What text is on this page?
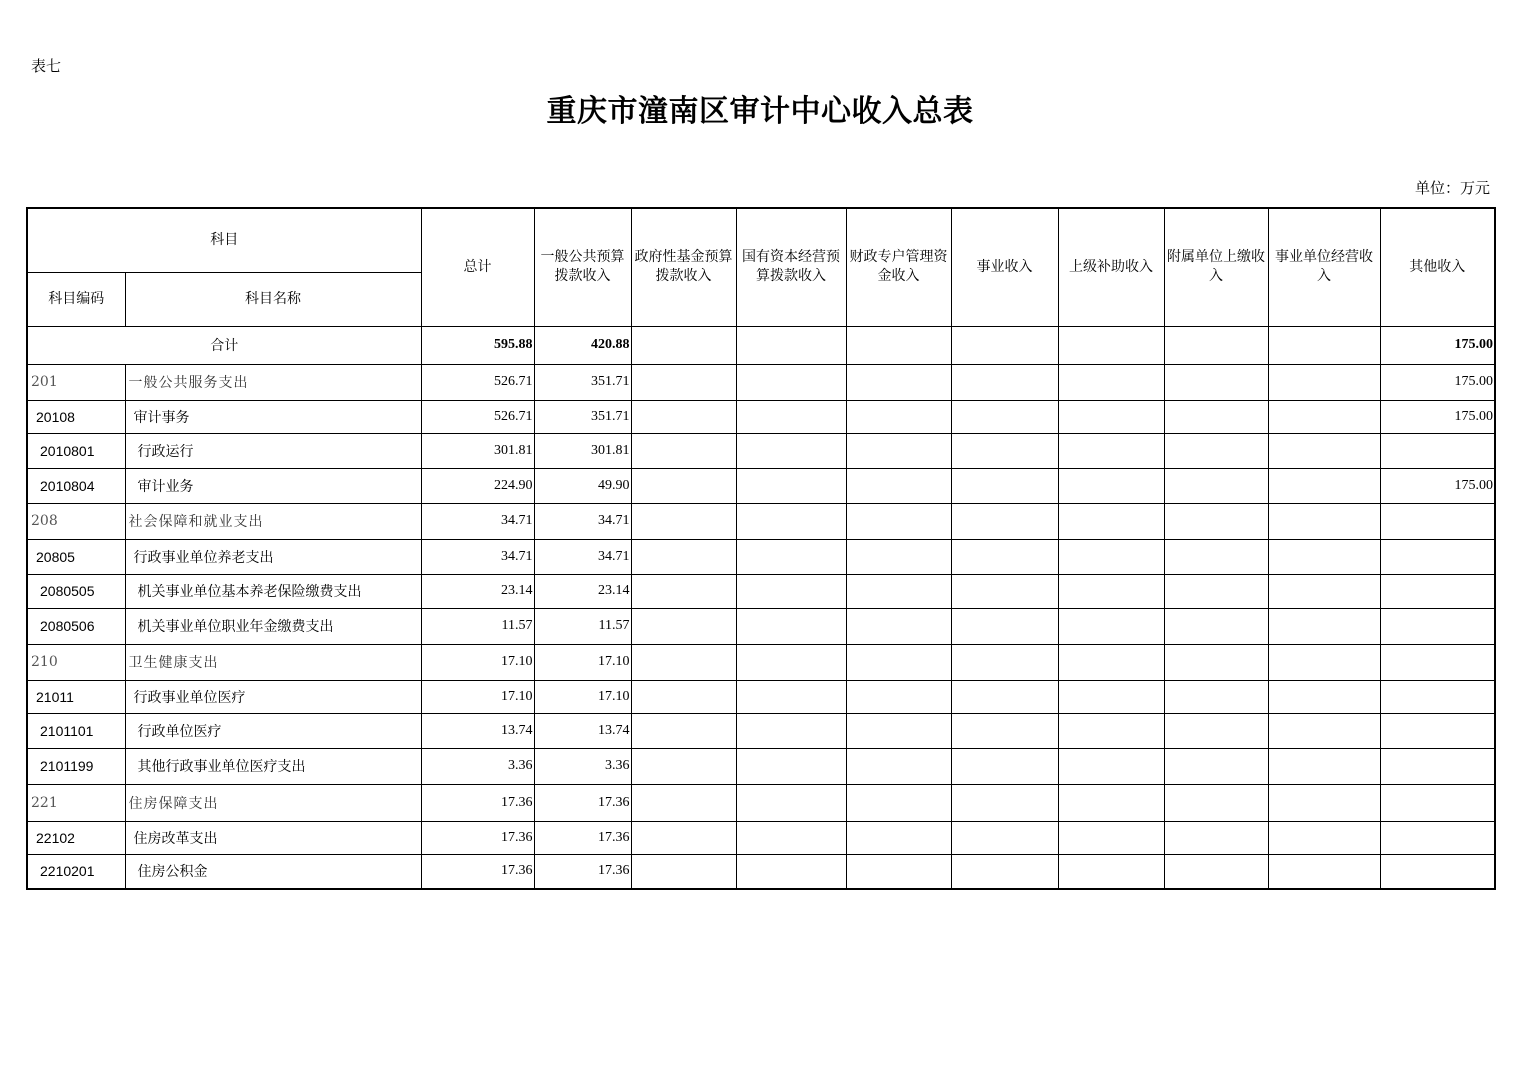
表七
重庆市潼南区审计中心收入总表
单位：万元
科目		总计	一般公共预算拨款收入	政府性基金预算拨款收入	国有资本经营预算拨款收入	财政专户管理资金收入	事业收入	上级补助收入	附属单位上缴收入	事业单位经营收入	其他收入
科目编码	科目名称										
合计		595.88	420.88								175.00
201	一般公共服务支出	526.71	351.71								175.00
20108	审计事务	526.71	351.71								175.00
2010801	行政运行	301.81	301.81								
2010804	审计业务	224.90	49.90								175.00
208	社会保障和就业支出	34.71	34.71								
20805	行政事业单位养老支出	34.71	34.71								
2080505	机关事业单位基本养老保险缴费支出	23.14	23.14								
2080506	机关事业单位职业年金缴费支出	11.57	11.57								
210	卫生健康支出	17.10	17.10								
21011	行政事业单位医疗	17.10	17.10								
2101101	行政单位医疗	13.74	13.74								
2101199	其他行政事业单位医疗支出	3.36	3.36								
221	住房保障支出	17.36	17.36								
22102	住房改革支出	17.36	17.36								
2210201	住房公积金	17.36	17.36								
